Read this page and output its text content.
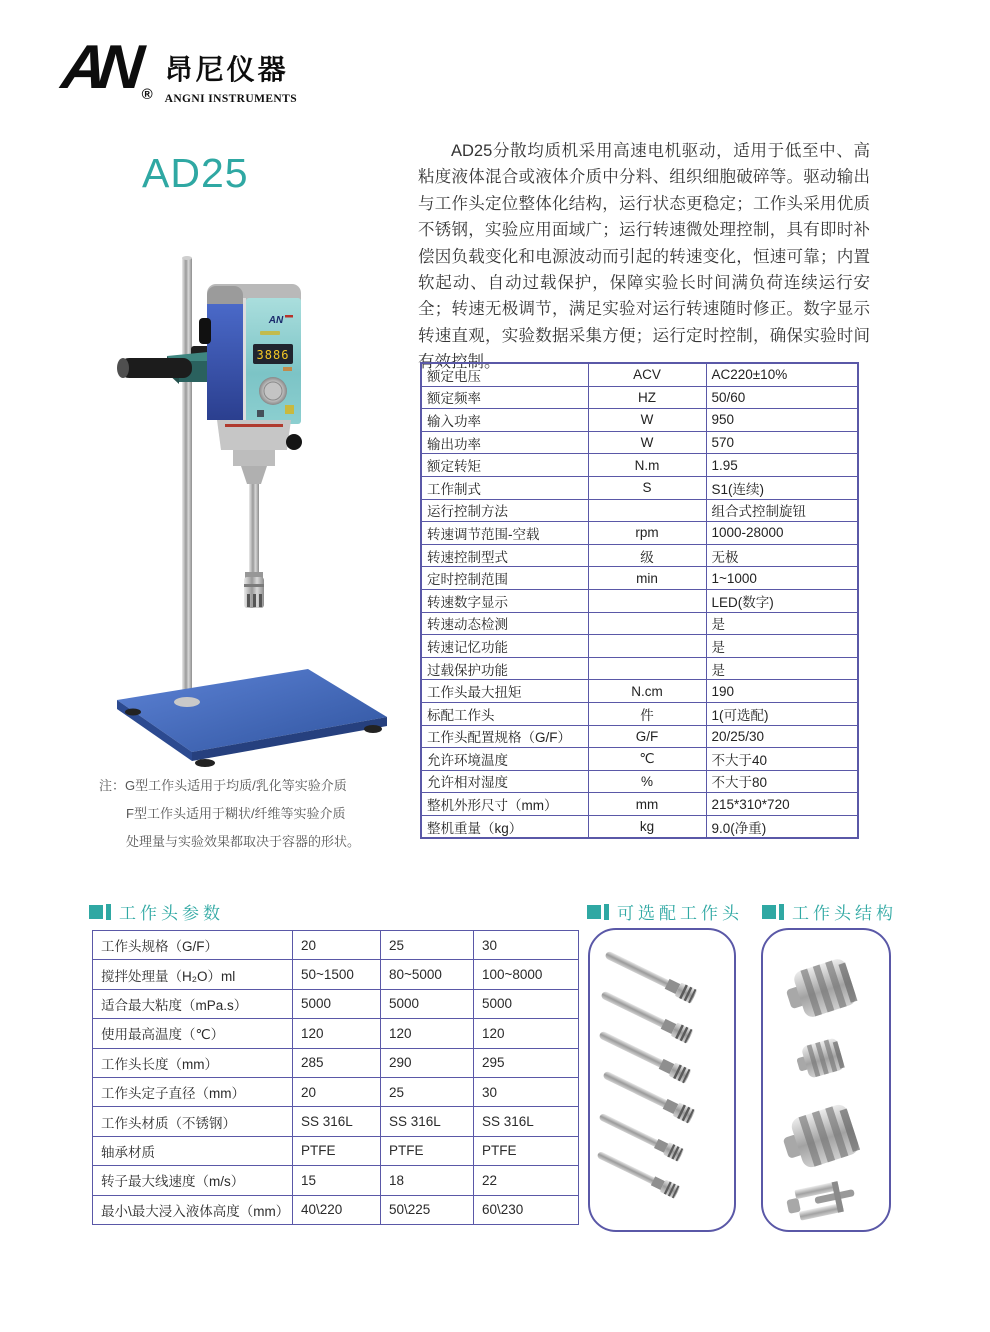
AN ®
昂尼仪器
ANGNI INSTRUMENTS
AD25
AN
3886
AD25分散均质机采用高速电机驱动，适用于低至中、高粘度液体混合或液体介质中分料、组织细胞破碎等。驱动输出与工作头定位整体化结构，运行状态更稳定；工作头采用优质不锈钢，实验应用面域广；运行转速微处理控制，具有即时补偿因负载变化和电源波动而引起的转速变化，恒速可靠；内置软起动、自动过载保护，保障实验长时间满负荷连续运行安全；转速无极调节，满足实验对运行转速随时修正。数字显示转速直观，实验数据采集方便；运行定时控制，确保实验时间有效控制。
额定电压	ACV	AC220±10%
额定频率	HZ	50/60
输入功率	W	950
输出功率	W	570
额定转矩	N.m	1.95
工作制式	S	S1(连续)
运行控制方法		组合式控制旋钮
转速调节范围-空载	rpm	1000-28000
转速控制型式	级	无极
定时控制范围	min	1~1000
转速数字显示		LED(数字)
转速动态检测		是
转速记忆功能		是
过载保护功能		是
工作头最大扭矩	N.cm	190
标配工作头	件	1(可选配)
工作头配置规格（G/F）	G/F	20/25/30
允许环境温度	℃	不大于40
允许相对湿度	%	不大于80
整机外形尺寸（mm）	mm	215*310*720
整机重量（kg）	kg	9.0(净重)
注：G型工作头适用于均质/乳化等实验介质
F型工作头适用于糊状/纤维等实验介质
处理量与实验效果都取决于容器的形状。
工作头参数	可选配工作头	工作头结构
工作头规格（G/F）	20	25	30
搅拌处理量（H₂O）ml	50~1500	80~5000	100~8000
适合最大粘度（mPa.s）	5000	5000	5000
使用最高温度（℃）	120	120	120
工作头长度（mm）	285	290	295
工作头定子直径（mm）	20	25	30
工作头材质（不锈钢）	SS 316L	SS 316L	SS 316L
轴承材质	PTFE	PTFE	PTFE
转子最大线速度（m/s）	15	18	22
最小\最大浸入液体高度（mm）	40\220	50\225	60\230
